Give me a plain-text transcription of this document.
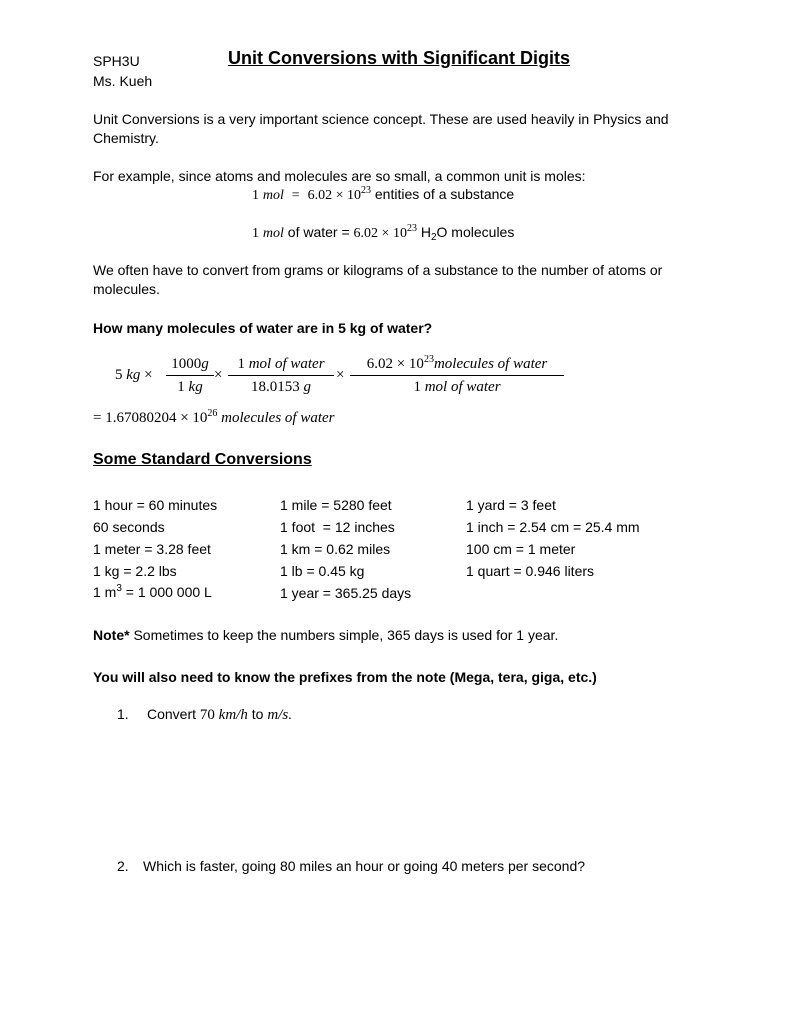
SPH3U
Ms. Kueh
Unit Conversions with Significant Digits
Unit Conversions is a very important science concept. These are used heavily in Physics and
Chemistry.
For example, since atoms and molecules are so small, a common unit is moles:
1 mol = $6.02 \times 10^{23}$ entities of a substance
1 mol of water = $6.02 \times 10^{23}$ $H_2O$ molecules
We often have to convert from grams or kilograms of a substance to the number of atoms or
molecules.
How many molecules of water are in 5 kg of water?
5 kg ×
1000g
1 kg
×
1 mol of water
18.0153 g
×
$6.02 \times 10^{23}molecules$ of water
1 mol of water
= $1.67080204 \times 10^{26}$ molecules of water
Some Standard Conversions
1 hour = 60 minutes
60 seconds
1 meter = 3.28 feet
1 kg = 2.2 lbs
1 $m^3 = 1$ 000 000 L
1 mile = 5280 feet
1 foot  = 12 inches
1 km = 0.62 miles
1 lb = 0.45 kg
1 year = 365.25 days
1 yard = 3 feet
1 inch = 2.54 cm = 25.4 mm
100 cm = 1 meter
1 quart = 0.946 liters
Note* Sometimes to keep the numbers simple, 365 days is used for 1 year.
You will also need to know the prefixes from the note (Mega, tera, giga, etc.)
1. Convert 70 km/h to m/s.
2. Which is faster, going 80 miles an hour or going 40 meters per second?
